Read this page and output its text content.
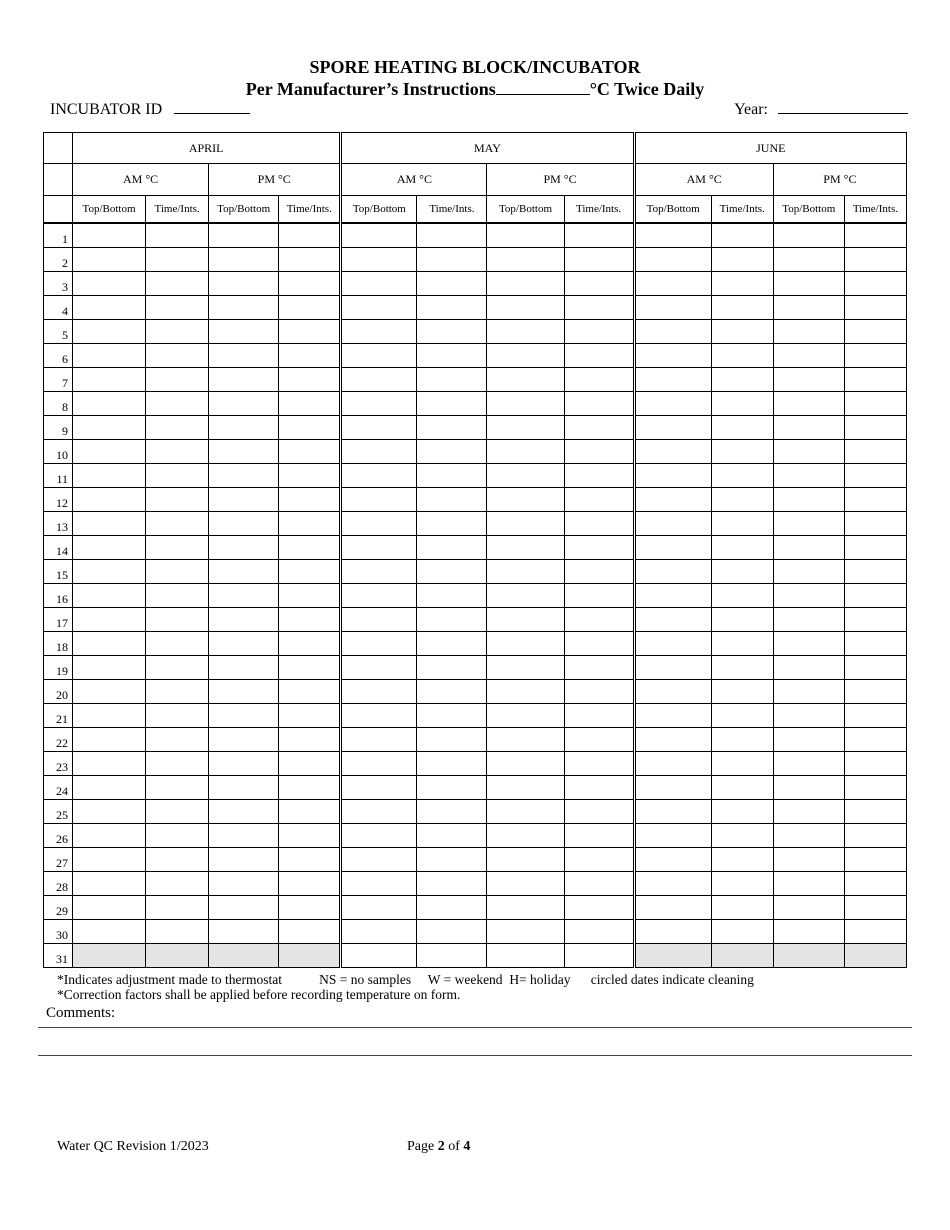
SPORE HEATING BLOCK/INCUBATOR
Per Manufacturer’s Instructions	°C Twice Daily
INCUBATOR ID	Year:
	APRIL				MAY				JUNE			
	AM °C		PM °C		AM °C		PM °C		AM °C		PM °C	
	Top/Bottom	Time/Ints.	Top/Bottom	Time/Ints.	Top/Bottom	Time/Ints.	Top/Bottom	Time/Ints.	Top/Bottom	Time/Ints.	Top/Bottom	Time/Ints.
1												
2												
3												
4												
5												
6												
7												
8												
9												
10												
11												
12												
13												
14												
15												
16												
17												
18												
19												
20												
21												
22												
23												
24												
25												
26												
27												
28												
29												
30												
31												
*Indicates adjustment made to thermostat	NS = no samples W = weekend H= holiday circled dates indicate cleaning
*Correction factors shall be applied before recording temperature on form.
Comments:
Water QC Revision 1/2023	Page 2 of 4
